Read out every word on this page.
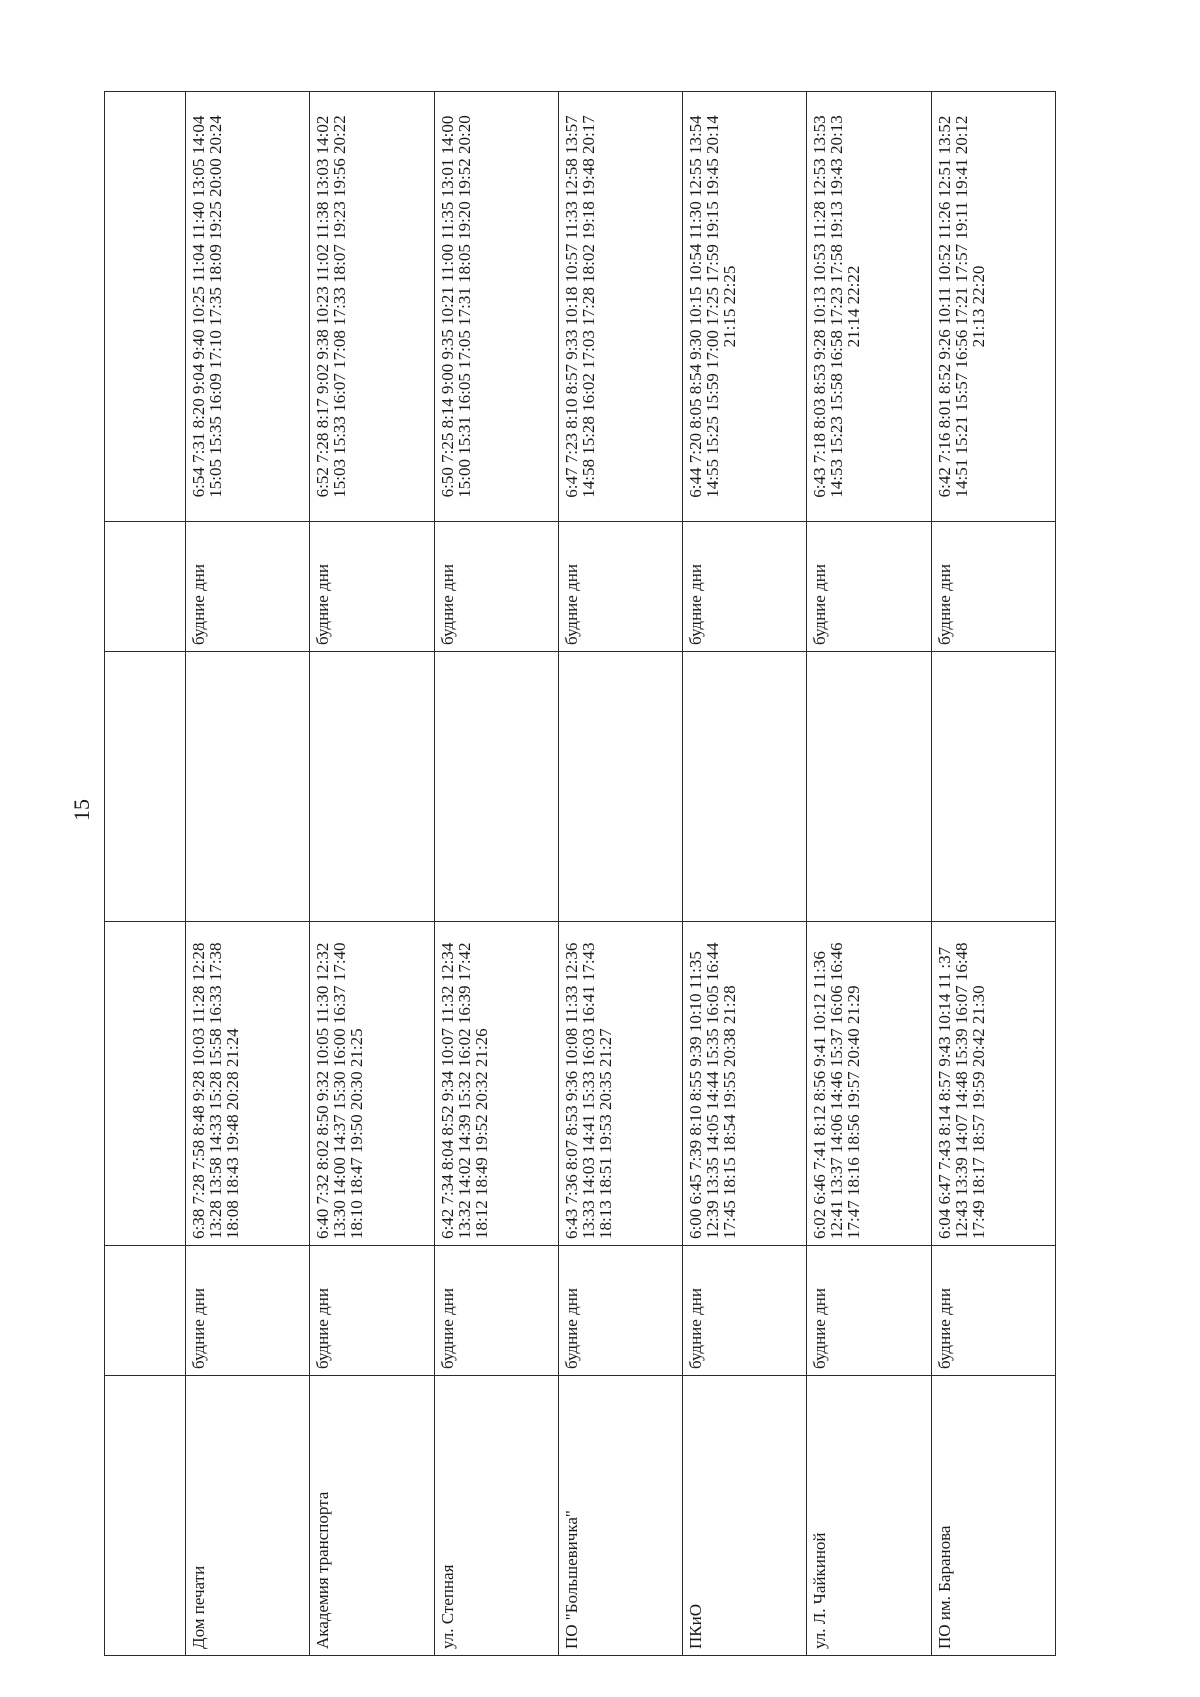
15

Дом печати	будние дни	6:38 7:28 7:58 8:48 9:28 10:03 11:28 12:28 13:28 13:58 14:33 15:28 15:58 16:33 17:38 18:08 18:43 19:48 20:28 21:24		будние дни	6:54 7:31 8:20 9:04 9:40 10:25 11:04 11:40 13:05 14:04 15:05 15:35 16:09 17:10 17:35 18:09 19:25 20:00 20:24
Академия транспорта	будние дни	6:40 7:32 8:02 8:50 9:32 10:05 11:30 12:32 13:30 14:00 14:37 15:30 16:00 16:37 17:40 18:10 18:47 19:50 20:30 21:25		будние дни	6:52 7:28 8:17 9:02 9:38 10:23 11:02 11:38 13:03 14:02 15:03 15:33 16:07 17:08 17:33 18:07 19:23 19:56 20:22
ул. Степная	будние дни	6:42 7:34 8:04 8:52 9:34 10:07 11:32 12:34 13:32 14:02 14:39 15:32 16:02 16:39 17:42 18:12 18:49 19:52 20:32 21:26		будние дни	6:50 7:25 8:14 9:00 9:35 10:21 11:00 11:35 13:01 14:00 15:00 15:31 16:05 17:05 17:31 18:05 19:20 19:52 20:20
ПО "Большевичка"	будние дни	6:43 7:36 8:07 8:53 9:36 10:08 11:33 12:36 13:33 14:03 14:41 15:33 16:03 16:41 17:43 18:13 18:51 19:53 20:35 21:27		будние дни	6:47 7:23 8:10 8:57 9:33 10:18 10:57 11:33 12:58 13:57 14:58 15:28 16:02 17:03 17:28 18:02 19:18 19:48 20:17
ПКиО	будние дни	6:00 6:45 7:39 8:10 8:55 9:39 10:10 11:35 12:39 13:35 14:05 14:44 15:35 16:05 16:44 17:45 18:15 18:54 19:55 20:38 21:28		будние дни	6:44 7:20 8:05 8:54 9:30 10:15 10:54 11:30 12:55 13:54 14:55 15:25 15:59 17:00 17:25 17:59 19:15 19:45 20:14 21:15 22:25
ул. Л. Чайкиной	будние дни	6:02 6:46 7:41 8:12 8:56 9:41 10:12 11:36 12:41 13:37 14:06 14:46 15:37 16:06 16:46 17:47 18:16 18:56 19:57 20:40 21:29		будние дни	6:43 7:18 8:03 8:53 9:28 10:13 10:53 11:28 12:53 13:53 14:53 15:23 15:58 16:58 17:23 17:58 19:13 19:43 20:13 21:14 22:22
ПО им. Баранова	будние дни	6:04 6:47 7:43 8:14 8:57 9:43 10:14 11 :37 12:43 13:39 14:07 14:48 15:39 16:07 16:48 17:49 18:17 18:57 19:59 20:42 21:30		будние дни	6:42 7:16 8:01 8:52 9:26 10:11 10:52 11:26 12:51 13:52 14:51 15:21 15:57 16:56 17:21 17:57 19:11 19:41 20:12 21:13 22:20
